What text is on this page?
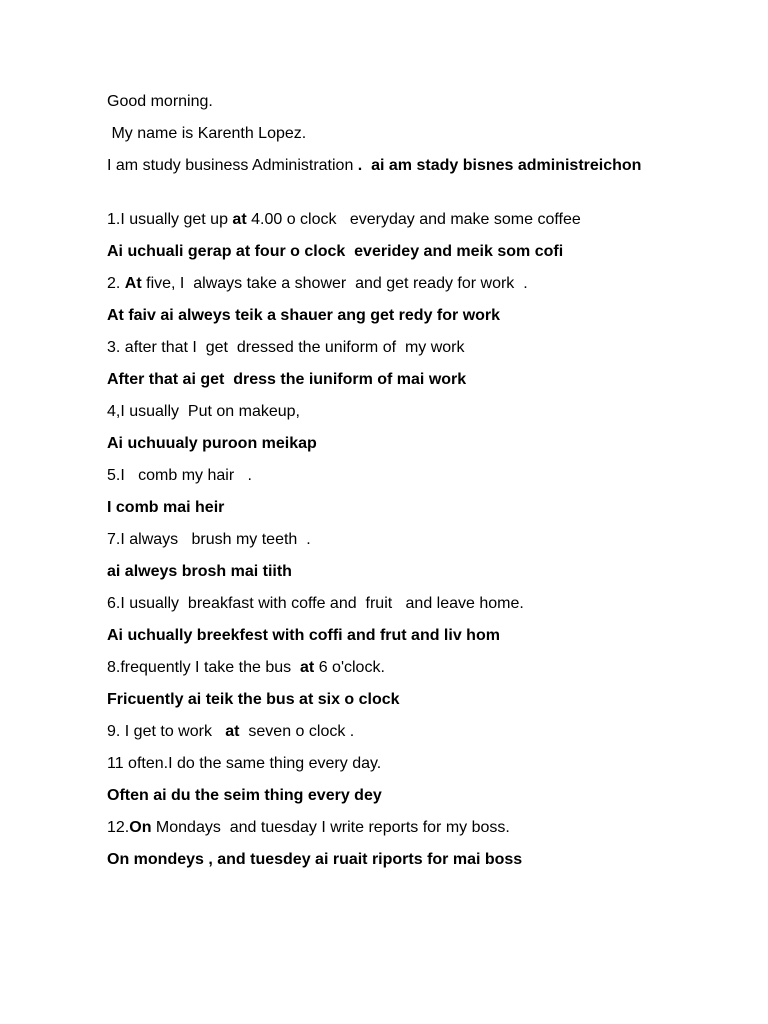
Good morning.

My name is Karenth Lopez.

I am study business Administration .  ai am stady bisnes administreichon

1.I usually get up at 4.00 o clock   everyday and make some coffee

Ai uchuali gerap at four o clock  everidey and meik som cofi

2. At five, I  always take a shower  and get ready for work  .

At faiv ai alweys teik a shauer ang get redy for work

3. after that I  get  dressed the uniform of  my work

After that ai get  dress the iuniform of mai work

4,I usually  Put on makeup,

Ai uchuualy puroon meikap

5.I   comb my hair   .

I comb mai heir

7.I always   brush my teeth  .

ai alweys brosh mai tiith

6.I usually  breakfast with coffe and  fruit   and leave home.

Ai uchually breekfest with coffi and frut and liv hom

8.frequently I take the bus  at 6 o'clock.

Fricuently ai teik the bus at six o clock

9. I get to work   at  seven o clock .

11 often.I do the same thing every day.

Often ai du the seim thing every dey

12.On Mondays  and tuesday I write reports for my boss.

On mondeys , and tuesdey ai ruait riports for mai boss
